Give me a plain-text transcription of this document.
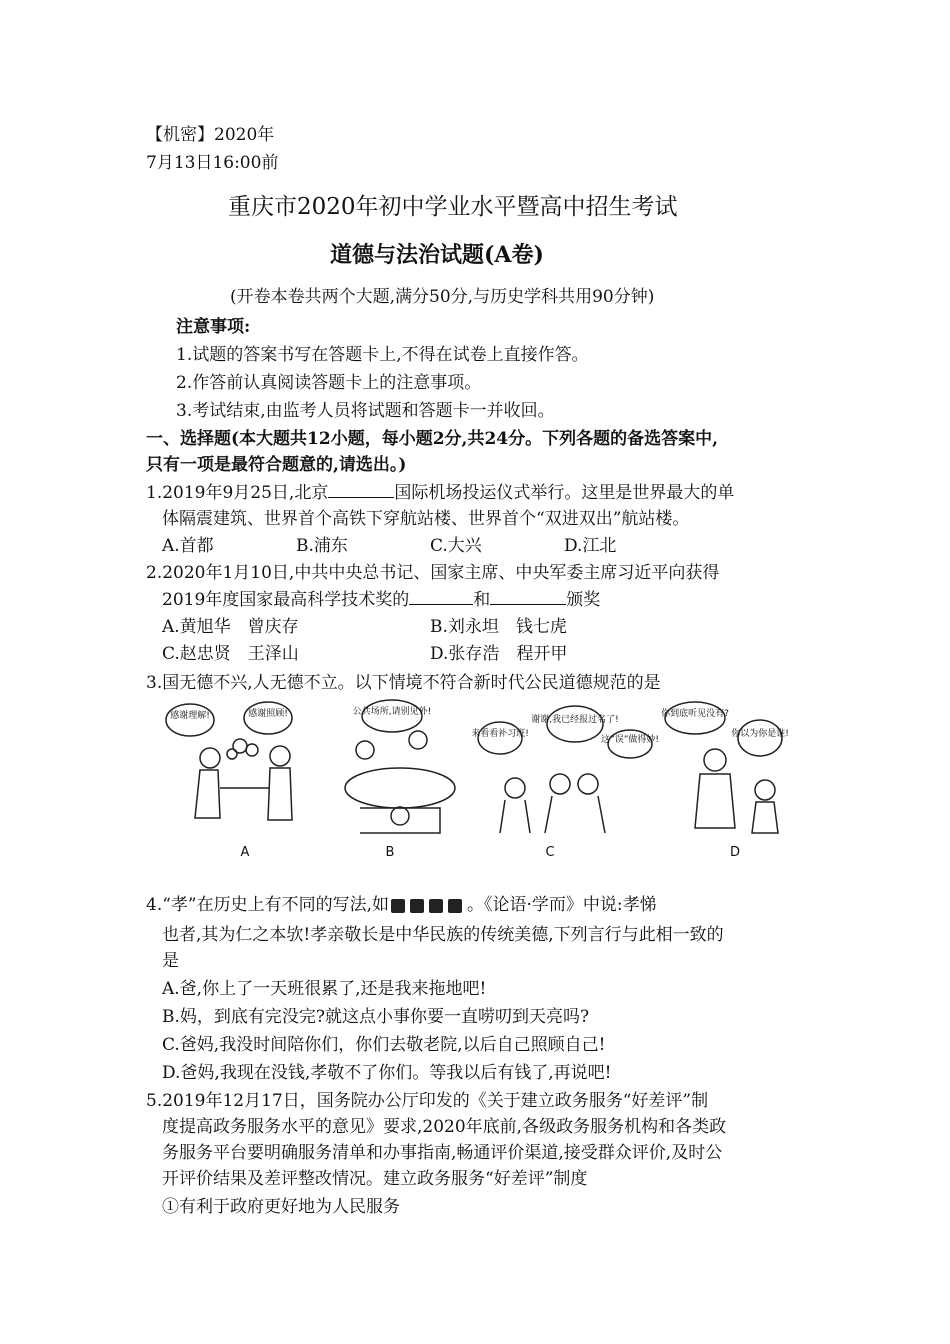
【机密】2020年
7月13日16:00前
重庆市2020年初中学业水平暨高中招生考试
道德与法治试题(A卷)
(开卷本卷共两个大题,满分50分,与历史学科共用90分钟)
注意事项:
1.试题的答案书写在答题卡上,不得在试卷上直接作答。
2.作答前认真阅读答题卡上的注意事项。
3.考试结束,由监考人员将试题和答题卡一并收回。
一、选择题(本大题共12小题，每小题2分,共24分。下列各题的备选答案中,
只有一项是最符合题意的,请选出。)
1.2019年9月25日,北京	国际机场投运仪式举行。这里是世界最大的单
体隔震建筑、世界首个高铁下穿航站楼、世界首个“双进双出”航站楼。
A.首都	B.浦东	C.大兴	D.江北
2.2020年1月10日,中共中央总书记、国家主席、中央军委主席习近平向获得
2019年度国家最高科学技术奖的	和	颁奖
A.黄旭华　曾庆存	B.刘永坦　钱七虎
C.赵忠贤　王泽山	D.张存浩　程开甲
3.国无德不兴,人无德不立。以下情境不符合新时代公民道德规范的是
感谢理解!	感谢照顾!	公共场所,请别见外!
来看看补习班!
谢谢,我已经报过名了!
这“误”做得妙!
你到底听见没有?
你以为你是谁!
A	B	C	D
4.“孝”在历史上有不同的写法,如	。《论语·学而》中说:孝悌
也者,其为仁之本欤!孝亲敬长是中华民族的传统美德,下列言行与此相一致的
是
A.爸,你上了一天班很累了,还是我来拖地吧!
B.妈，到底有完没完?就这点小事你要一直唠叨到天亮吗?
C.爸妈,我没时间陪你们，你们去敬老院,以后自己照顾自己!
D.爸妈,我现在没钱,孝敬不了你们。等我以后有钱了,再说吧!
5.2019年12月17日，国务院办公厅印发的《关于建立政务服务“好差评”制
度提高政务服务水平的意见》要求,2020年底前,各级政务服务机构和各类政
务服务平台要明确服务清单和办事指南,畅通评价渠道,接受群众评价,及时公
开评价结果及差评整改情况。建立政务服务“好差评”制度
①有利于政府更好地为人民服务
